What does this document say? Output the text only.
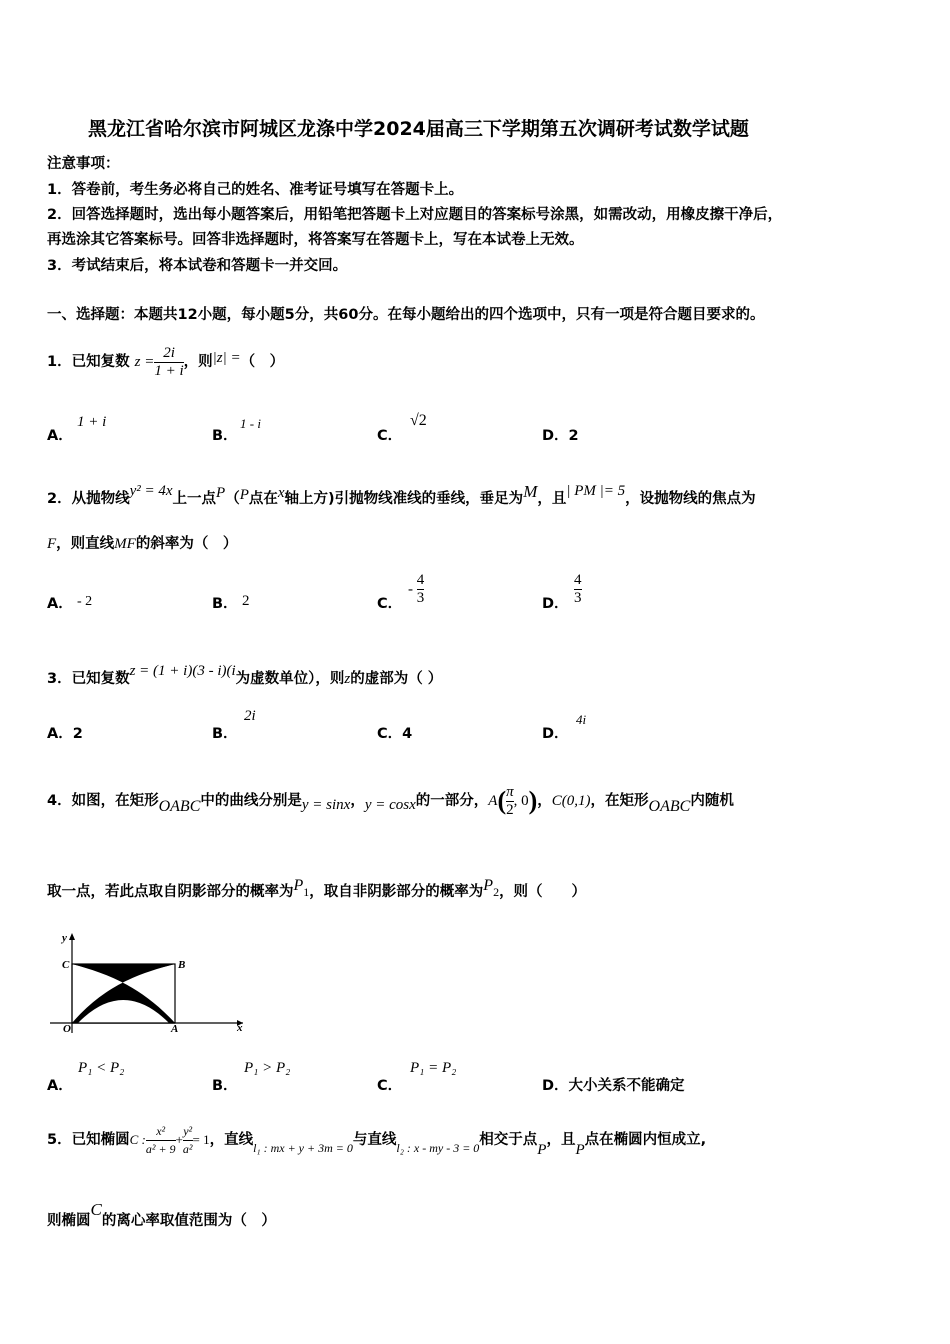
黑龙江省哈尔滨市阿城区龙涤中学2024届高三下学期第五次调研考试数学试题
注意事项：
1．答卷前，考生务必将自己的姓名、准考证号填写在答题卡上。
2．回答选择题时，选出每小题答案后，用铅笔把答题卡上对应题目的答案标号涂黑，如需改动，用橡皮擦干净后，
再选涂其它答案标号。回答非选择题时，将答案写在答题卡上，写在本试卷上无效。
3．考试结束后，将本试卷和答题卡一并交回。
一、选择题：本题共12小题，每小题5分，共60分。在每小题给出的四个选项中，只有一项是符合题目要求的。
1．已知复数 $z = \frac{2i}{1 + i}$ ，则|z| =（　）
A．
1 + i
B．
1 - i
C．
√2
D．2
2．从抛物线y² = 4x上一点P（P点在x轴上方)引抛物线准线的垂线，垂足为M，且| PM |= 5，设抛物线的焦点为
F，则直线MF的斜率为（　）
A． - 2	B． 2	C．
- $\frac{4}{3}$	D． $\frac{4}{3}$
3．已知复数z = (1 + i)(3 - i)(i为虚数单位），则z的虚部为（ ）
A．2	B．
2i
C．4	D．
4i
4．如图，在矩形OABC中的曲线分别是y = sinx，y = cosx的一部分，$A( \frac{\pi}{2}$ , 0)，C(0,1)，在矩形OABC内随机
取一点，若此点取自阴影部分的概率为P1，取自非阴影部分的概率为P2，则（　　）
y
C	B
O	A	x
A．
P₁ < P₂
B．
P₁ > P₂
C．
P₁ = P₂
D．大小关系不能确定
5．已知椭圆C : $\frac{\text{x²}}{\text{a² + 9}} + \frac{\text{y²}}{\text{a²}} = 1$，直线$_{l_1 : mx + y + 3m = 0}$与直线$_{l_2 : x - my - 3 = 0}$相交于点P，且P点在椭圆内恒成立,
则椭圆C的离心率取值范围为（　）
